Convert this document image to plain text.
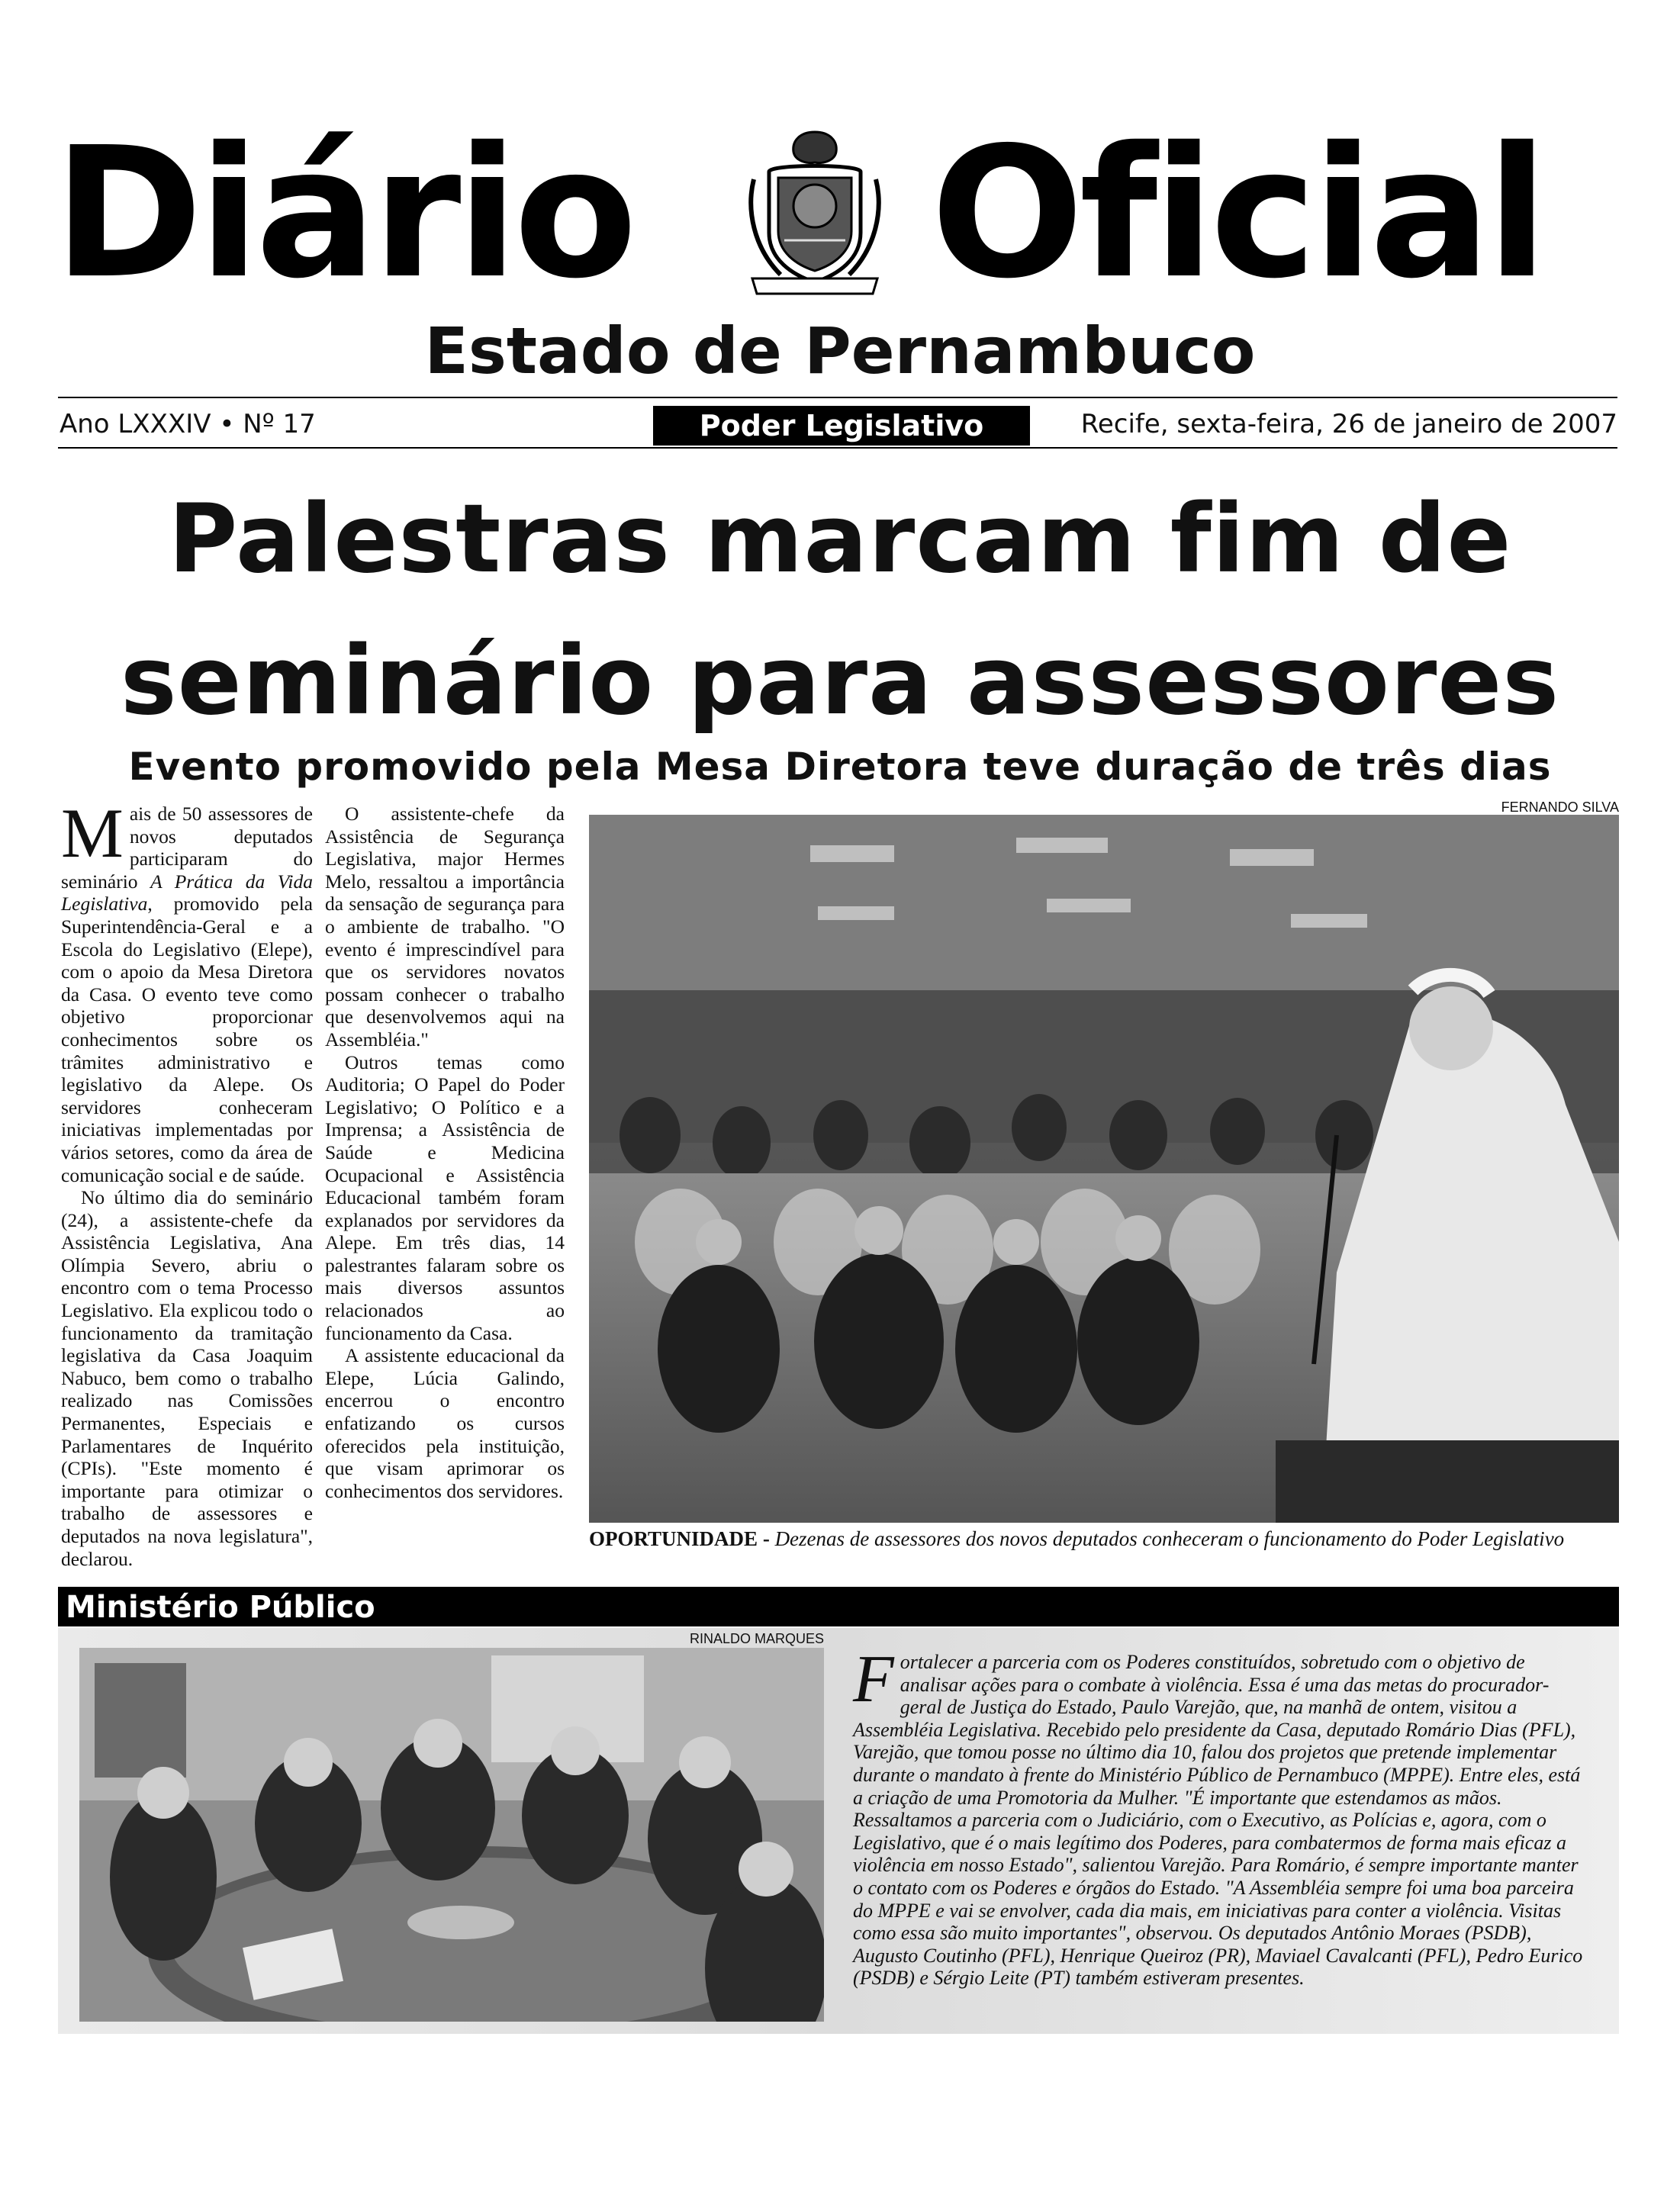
Diário Oficial
Estado de Pernambuco
Ano LXXXIV • Nº 17	Poder Legislativo	Recife, sexta-feira, 26 de janeiro de 2007
Palestras marcam fim de
seminário para assessores
Evento promovido pela Mesa Diretora teve duração de três dias

Mais de 50 assessores de novos deputados participaram do seminário A Prática da Vida Legislativa, promovido pela Superintendência-Geral e a Escola do Legislativo (Elepe), com o apoio da Mesa Diretora da Casa. O evento teve como objetivo proporcionar conhecimentos sobre os trâmites administrativo e legislativo da Alepe. Os servidores conheceram iniciativas implementadas por vários setores, como da área de comunicação social e de saúde.

No último dia do seminário (24), a assistente-chefe da Assistência Legislativa, Ana Olímpia Severo, abriu o encontro com o tema Processo Legislativo. Ela explicou todo o funcionamento da tramitação legislativa da Casa Joaquim Nabuco, bem como o trabalho realizado nas Comissões Permanentes, Especiais e Parlamentares de Inquérito (CPIs). "Este momento é importante para otimizar o trabalho de assessores e deputados na nova legislatura", declarou.

O assistente-chefe da Assistência de Segurança Legislativa, major Hermes Melo, ressaltou a importância da sensação de segurança para o ambiente de trabalho. "O evento é imprescindível para que os servidores novatos possam conhecer o trabalho que desenvolvemos aqui na Assembléia."

Outros temas como Auditoria; O Papel do Poder Legislativo; O Político e a Imprensa; a Assistência de Saúde e Medicina Ocupacional e Assistência Educacional também foram explanados por servidores da Alepe. Em três dias, 14 palestrantes falaram sobre os mais diversos assuntos relacionados ao funcionamento da Casa.

A assistente educacional da Elepe, Lúcia Galindo, encerrou o encontro enfatizando os cursos oferecidos pela instituição, que visam aprimorar os conhecimentos dos servidores.

FERNANDO SILVA
OPORTUNIDADE - Dezenas de assessores dos novos deputados conheceram o funcionamento do Poder Legislativo
Ministério Público
RINALDO MARQUES
Fortalecer a parceria com os Poderes constituídos, sobretudo com o objetivo de analisar ações para o combate à violência. Essa é uma das metas do procurador-geral de Justiça do Estado, Paulo Varejão, que, na manhã de ontem, visitou a Assembléia Legislativa. Recebido pelo presidente da Casa, deputado Romário Dias (PFL), Varejão, que tomou posse no último dia 10, falou dos projetos que pretende implementar durante o mandato à frente do Ministério Público de Pernambuco (MPPE). Entre eles, está a criação de uma Promotoria da Mulher. "É importante que estendamos as mãos. Ressaltamos a parceria com o Judiciário, com o Executivo, as Polícias e, agora, com o Legislativo, que é o mais legítimo dos Poderes, para combatermos de forma mais eficaz a violência em nosso Estado", salientou Varejão. Para Romário, é sempre importante manter o contato com os Poderes e órgãos do Estado. "A Assembléia sempre foi uma boa parceira do MPPE e vai se envolver, cada dia mais, em iniciativas para conter a violência. Visitas como essa são muito importantes", observou. Os deputados Antônio Moraes (PSDB), Augusto Coutinho (PFL), Henrique Queiroz (PR), Maviael Cavalcanti (PFL), Pedro Eurico (PSDB) e Sérgio Leite (PT) também estiveram presentes.
